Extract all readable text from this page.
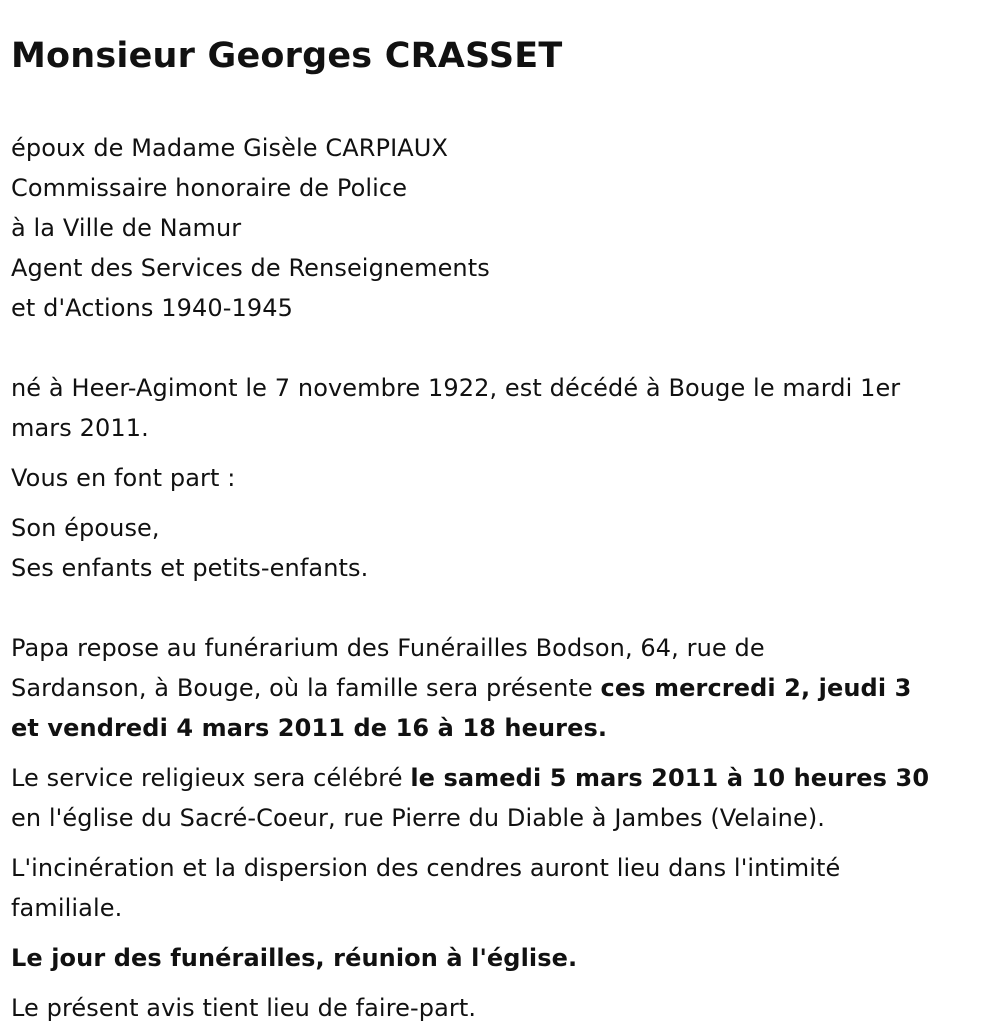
Monsieur Georges CRASSET

époux de Madame Gisèle CARPIAUX
Commissaire honoraire de Police
à la Ville de Namur
Agent des Services de Renseignements
et d'Actions 1940-1945

né à Heer-Agimont le 7 novembre 1922, est décédé à Bouge le mardi 1er
mars 2011.

Vous en font part :

Son épouse,
Ses enfants et petits-enfants.

Papa repose au funérarium des Funérailles Bodson, 64, rue de
Sardanson, à Bouge, où la famille sera présente ces mercredi 2, jeudi 3
et vendredi 4 mars 2011 de 16 à 18 heures.

Le service religieux sera célébré le samedi 5 mars 2011 à 10 heures 30
en l'église du Sacré-Coeur, rue Pierre du Diable à Jambes (Velaine).

L'incinération et la dispersion des cendres auront lieu dans l'intimité
familiale.

Le jour des funérailles, réunion à l'église.

Le présent avis tient lieu de faire-part.
